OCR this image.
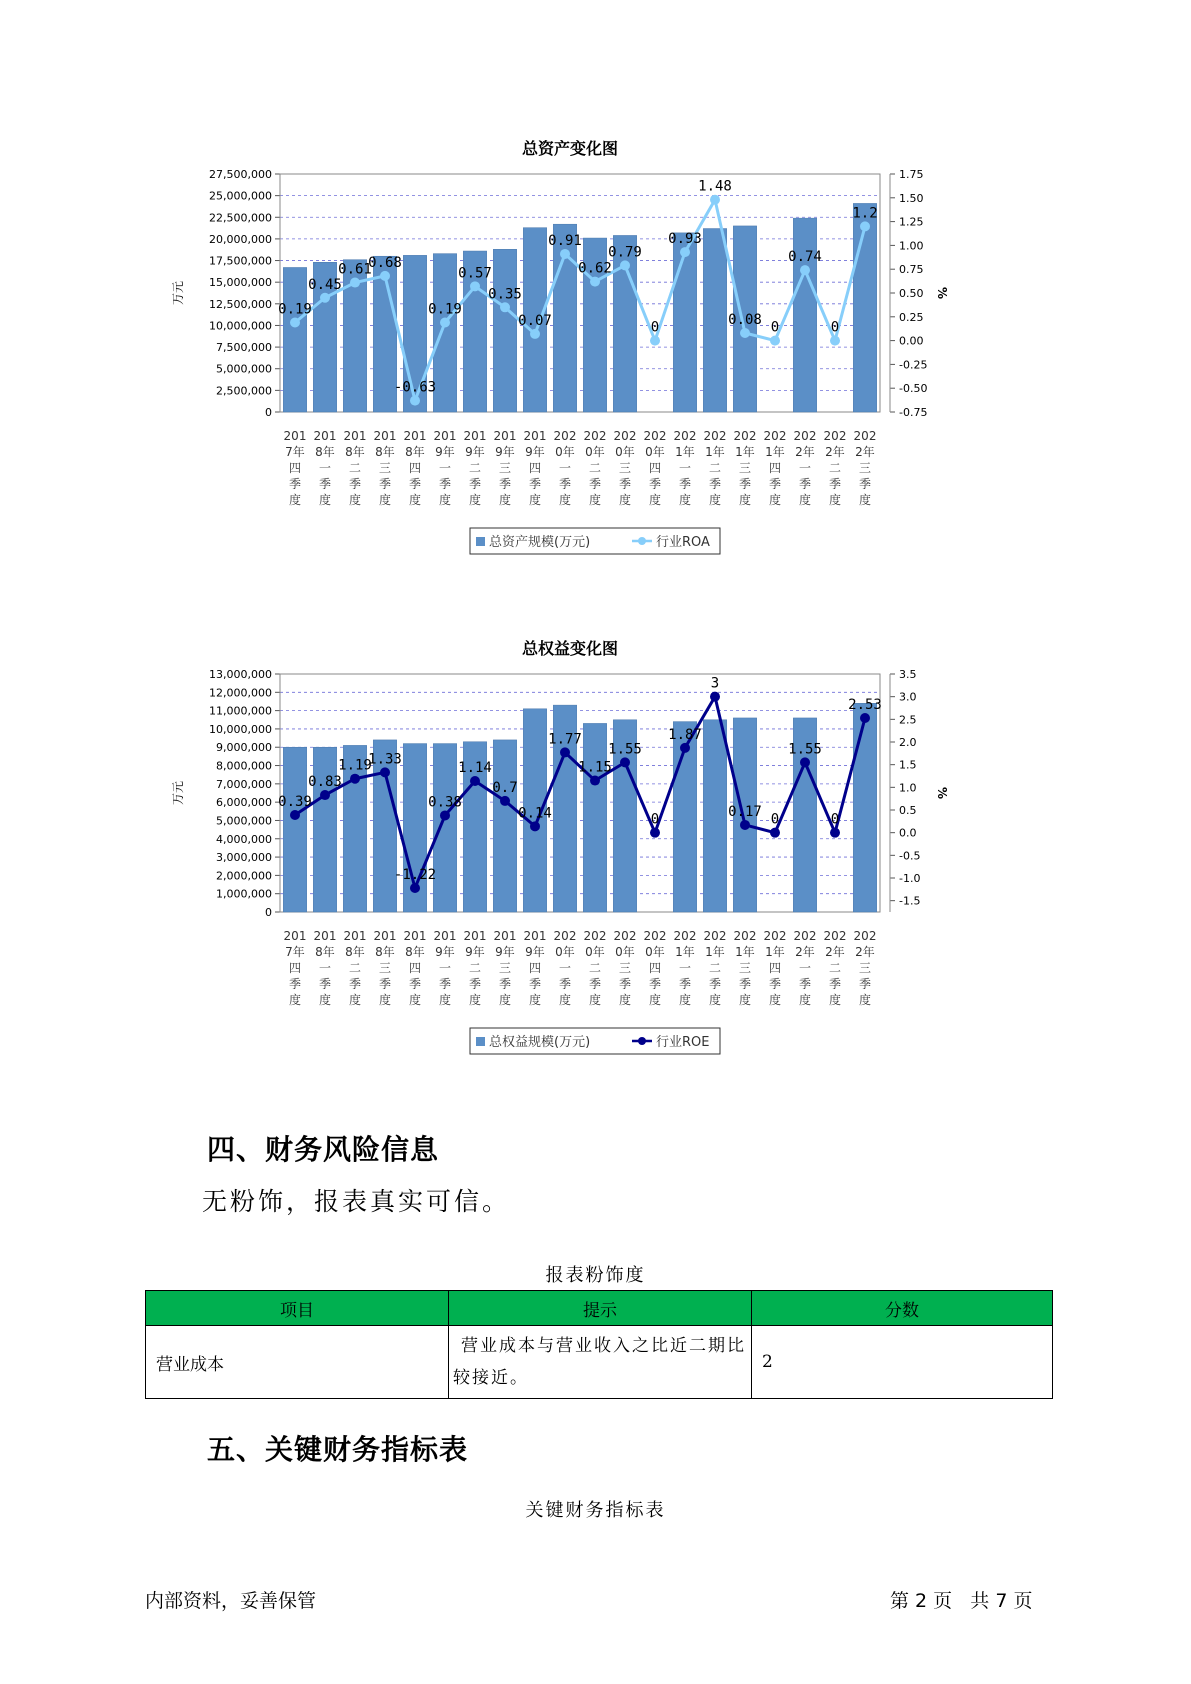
总资产变化图
0
2,500,000
5,000,000
7,500,000
10,000,000
12,500,000
15,000,000
17,500,000
20,000,000
22,500,000
25,000,000
27,500,000	1.75
1.50
1.25
1.00
0.75
0.50
0.25
0.00
-0.25
-0.50
-0.75
0.19
0.45
0.61
0.68
-0.63
0.19
0.57
0.35
0.07
0.91
0.62
0.79
0
0.93
1.48
0.08 0
0.74
0
1.2
201
7年
四
季
度
201
8年
一
季
度
201
8年
二
季
度
201
8年
三
季
度
201
8年
四
季
度
201
9年
一
季
度
201
9年
二
季
度
201
9年
三
季
度
201
9年
四
季
度
202
0年
一
季
度
202
0年
二
季
度
202
0年
三
季
度
202
0年
四
季
度
202
1年
一
季
度
202
1年
二
季
度
202
1年
三
季
度
202
1年
四
季
度
202
2年
一
季
度
202
2年
二
季
度
202
2年
三
季
度
万元	%
总资产规模(万元)	行业ROA
总权益变化图
0
1,000,000
2,000,000
3,000,000
4,000,000
5,000,000
6,000,000
7,000,000
8,000,000
9,000,000
10,000,000
11,000,000
12,000,000
13,000,000	3.5
3.0
2.5
2.0
1.5
1.0
0.5
0.0
-0.5
-1.0
-1.5
0.39
0.83
1.19
1.33
-1.22
0.38
1.14
0.7
0.14
1.77
1.15
1.55
0
1.87
3
0.17 0
1.55
0
2.53
201
7年
四
季
度
201
8年
一
季
度
201
8年
二
季
度
201
8年
三
季
度
201
8年
四
季
度
201
9年
一
季
度
201
9年
二
季
度
201
9年
三
季
度
201
9年
四
季
度
202
0年
一
季
度
202
0年
二
季
度
202
0年
三
季
度
202
0年
四
季
度
202
1年
一
季
度
202
1年
二
季
度
202
1年
三
季
度
202
1年
四
季
度
202
2年
一
季
度
202
2年
二
季
度
202
2年
三
季
度
万元	%
总权益规模(万元)	行业ROE
四、财务风险信息
无粉饰，报表真实可信。
报表粉饰度
项目	提示	分数
营业成本	营业成本与营业收入之比近二期比较接近。	2
五、关键财务指标表
关键财务指标表
内部资料，妥善保管	第 2 页   共 7 页
